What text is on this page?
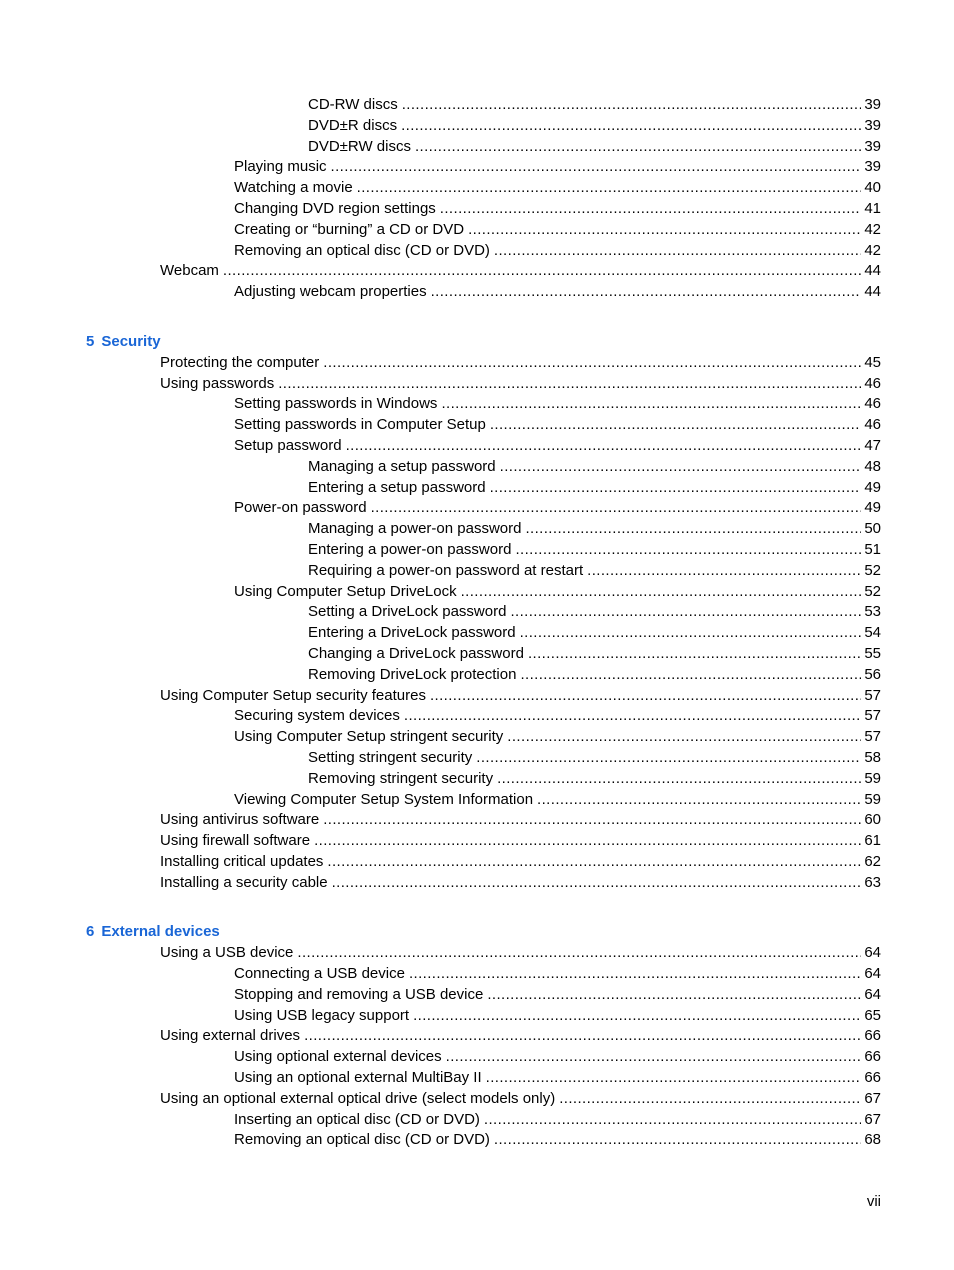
CD-RW discs .....	39
DVD±R discs .....	39
DVD±RW discs .....	39
Playing music .....	39
Watching a movie .....	40
Changing DVD region settings .....	41
Creating or “burning” a CD or DVD .....	42
Removing an optical disc (CD or DVD) .....	42
Webcam .....	44
Adjusting webcam properties .....	44
5 Security
Protecting the computer .....	45
Using passwords .....	46
Setting passwords in Windows .....	46
Setting passwords in Computer Setup .....	46
Setup password .....	47
Managing a setup password .....	48
Entering a setup password .....	49
Power-on password .....	49
Managing a power-on password .....	50
Entering a power-on password .....	51
Requiring a power-on password at restart .....	52
Using Computer Setup DriveLock .....	52
Setting a DriveLock password .....	53
Entering a DriveLock password .....	54
Changing a DriveLock password .....	55
Removing DriveLock protection .....	56
Using Computer Setup security features .....	57
Securing system devices .....	57
Using Computer Setup stringent security .....	57
Setting stringent security .....	58
Removing stringent security .....	59
Viewing Computer Setup System Information .....	59
Using antivirus software .....	60
Using firewall software .....	61
Installing critical updates .....	62
Installing a security cable .....	63
6 External devices
Using a USB device .....	64
Connecting a USB device .....	64
Stopping and removing a USB device .....	64
Using USB legacy support .....	65
Using external drives .....	66
Using optional external devices .....	66
Using an optional external MultiBay II .....	66
Using an optional external optical drive (select models only) .....	67
Inserting an optical disc (CD or DVD) .....	67
Removing an optical disc (CD or DVD) .....	68
vii
